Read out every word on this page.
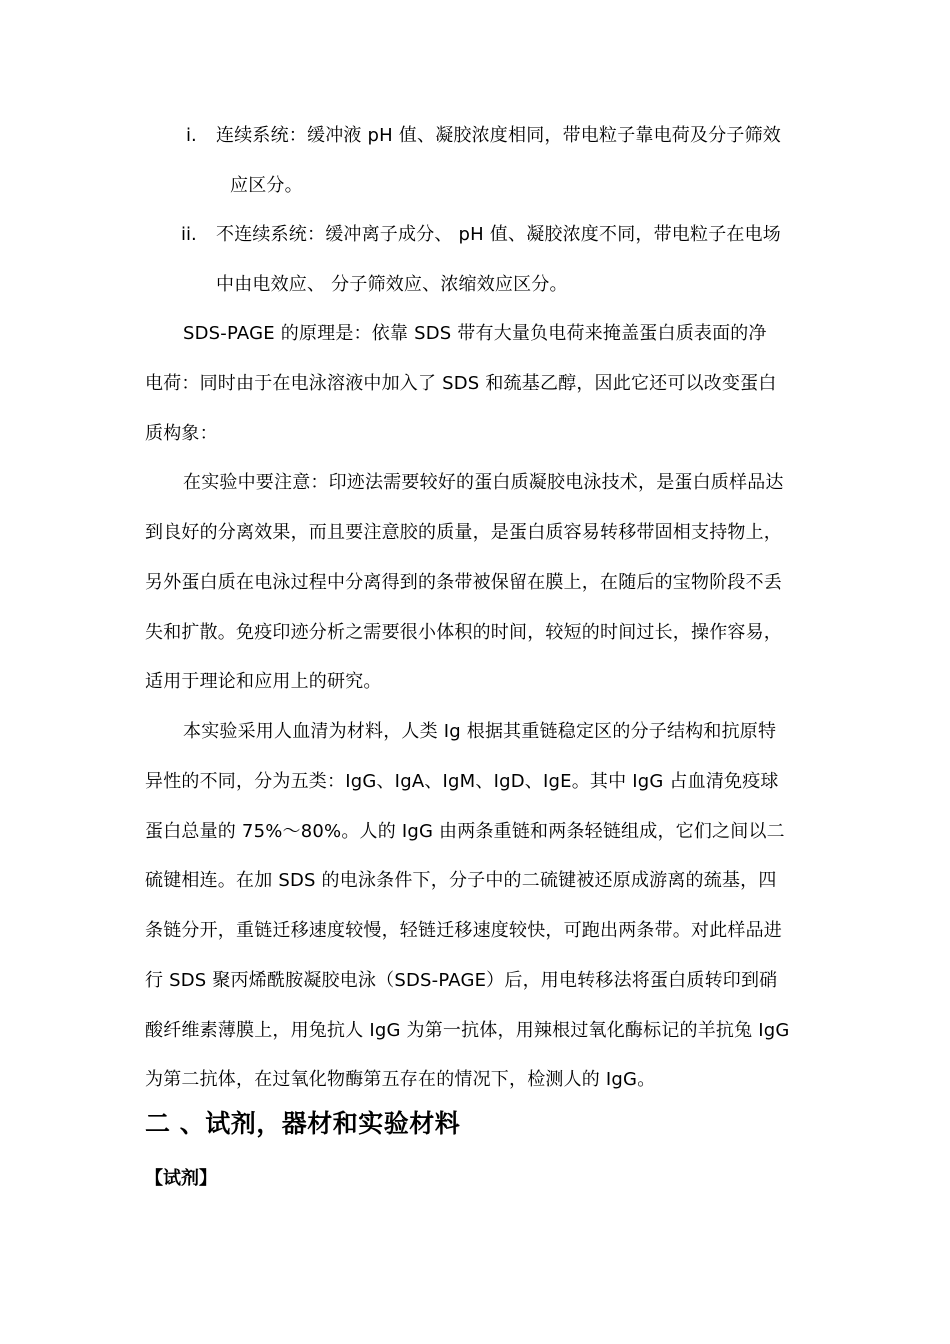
i. 连续系统：缓冲液 pH 值、凝胶浓度相同，带电粒子靠电荷及分子筛效
应区分。
ii. 不连续系统：缓冲离子成分、 pH 值、凝胶浓度不同，带电粒子在电场
中由电效应、 分子筛效应、浓缩效应区分。
SDS-PAGE 的原理是：依靠 SDS 带有大量负电荷来掩盖蛋白质表面的净
电荷：同时由于在电泳溶液中加入了 SDS 和巯基乙醇，因此它还可以改变蛋白
质构象：
在实验中要注意：印迹法需要较好的蛋白质凝胶电泳技术，是蛋白质样品达
到良好的分离效果，而且要注意胶的质量，是蛋白质容易转移带固相支持物上，
另外蛋白质在电泳过程中分离得到的条带被保留在膜上，在随后的宝物阶段不丢
失和扩散。免疫印迹分析之需要很小体积的时间，较短的时间过长，操作容易，
适用于理论和应用上的研究。
本实验采用人血清为材料，人类 Ig 根据其重链稳定区的分子结构和抗原特
异性的不同，分为五类：IgG、IgA、IgM、IgD、IgE。其中 IgG 占血清免疫球
蛋白总量的 75%～80%。人的 IgG 由两条重链和两条轻链组成，它们之间以二
硫键相连。在加 SDS 的电泳条件下，分子中的二硫键被还原成游离的巯基，四
条链分开，重链迁移速度较慢，轻链迁移速度较快，可跑出两条带。对此样品进
行 SDS 聚丙烯酰胺凝胶电泳（SDS-PAGE）后，用电转移法将蛋白质转印到硝
酸纤维素薄膜上，用兔抗人 IgG 为第一抗体，用辣根过氧化酶标记的羊抗兔 IgG
为第二抗体，在过氧化物酶第五存在的情况下，检测人的 IgG。
二 、试剂，器材和实验材料
【试剂】
